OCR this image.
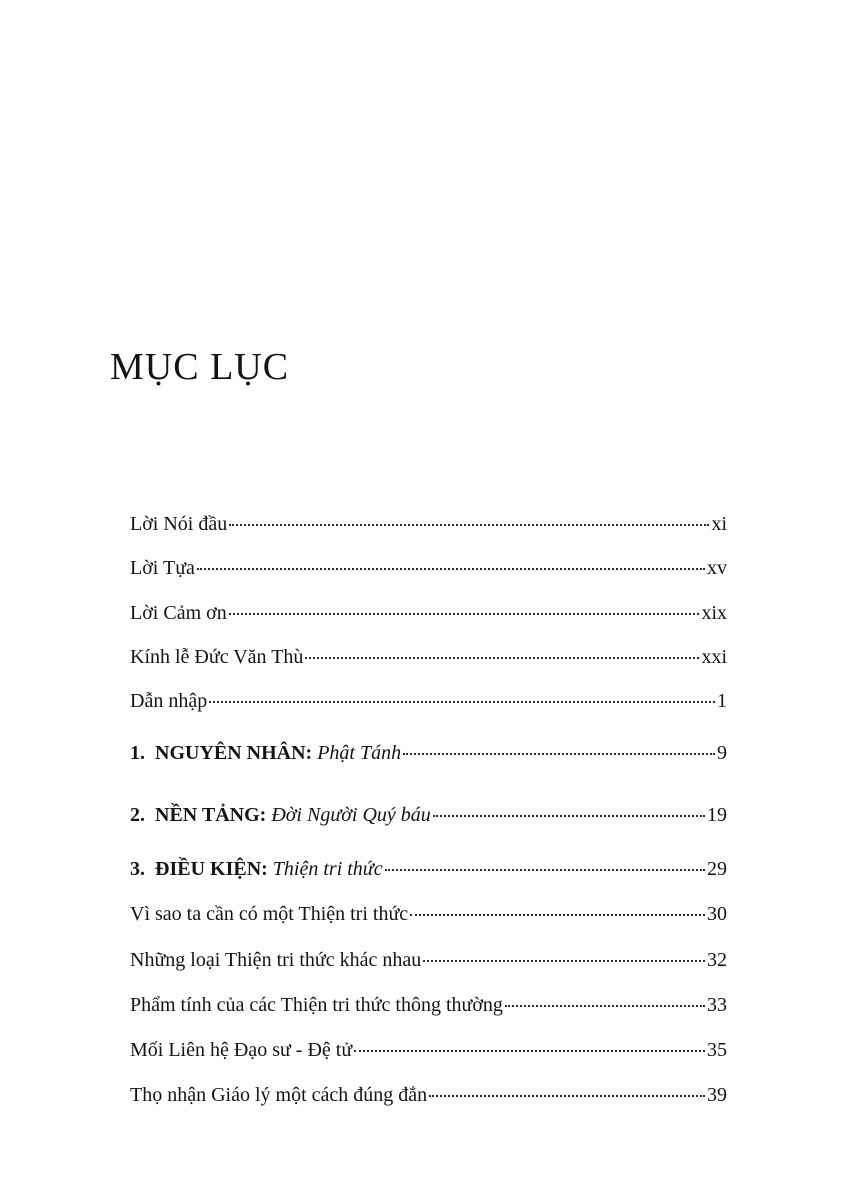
MỤC LỤC
Lời Nói đầu	xi
Lời Tựa	xv
Lời Cảm ơn	xix
Kính lễ Đức Văn Thù	xxi
Dẫn nhập	1
1. NGUYÊN NHÂN: Phật Tánh	9
2. NỀN TẢNG: Đời Người Quý báu	19
3. ĐIỀU KIỆN: Thiện tri thức	29
Vì sao ta cần có một Thiện tri thức	30
Những loại Thiện tri thức khác nhau	32
Phẩm tính của các Thiện tri thức thông thường	33
Mối Liên hệ Đạo sư - Đệ tử	35
Thọ nhận Giáo lý một cách đúng đắn	39
